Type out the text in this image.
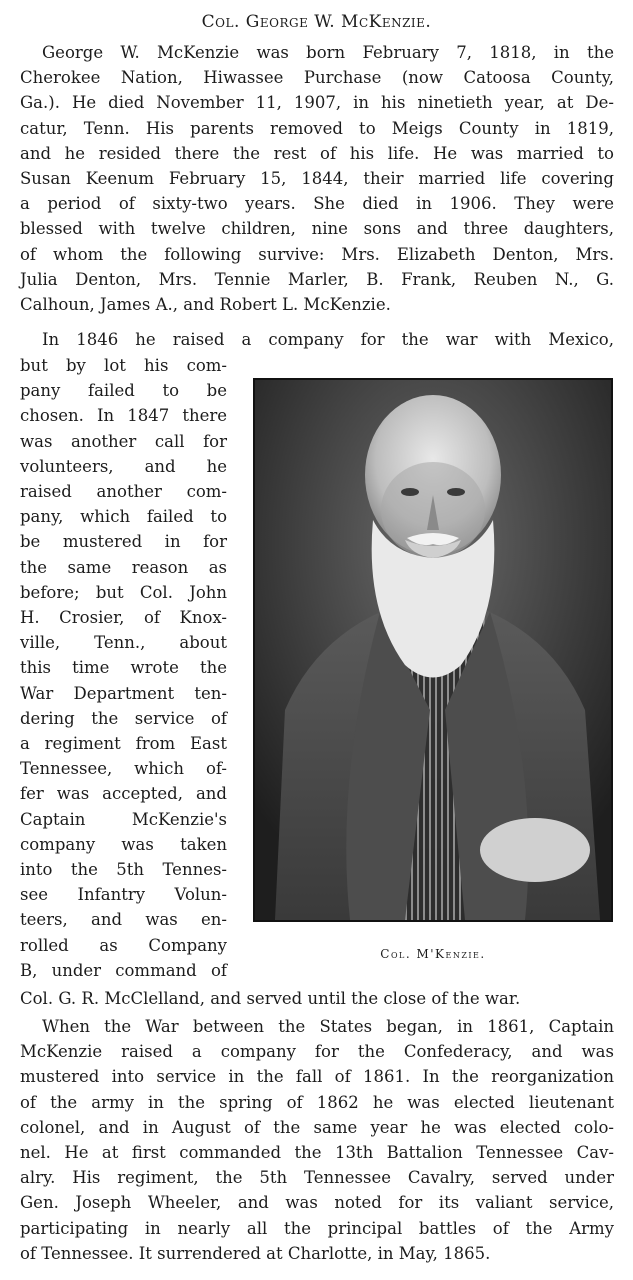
Col. George W. McKenzie.

George W. McKenzie was born February 7, 1818, in the
Cherokee Nation, Hiwassee Purchase (now Catoosa County,
Ga.). He died November 11, 1907, in his ninetieth year, at De-
catur, Tenn. His parents removed to Meigs County in 1819,
and he resided there the rest of his life. He was married to
Susan Keenum February 15, 1844, their married life covering
a period of sixty-two years. She died in 1906. They were
blessed with twelve children, nine sons and three daughters,
of whom the following survive: Mrs. Elizabeth Denton, Mrs.
Julia Denton, Mrs. Tennie Marler, B. Frank, Reuben N., G.
Calhoun, James A., and Robert L. McKenzie.

In 1846 he raised a company for the war with Mexico,

but by lot his com-
pany failed to be
chosen. In 1847 there
was another call for
volunteers, and he
raised another com-
pany, which failed to
be mustered in for
the same reason as
before; but Col. John
H. Crosier, of Knox-
ville, Tenn., about
this time wrote the
War Department ten-
dering the service of
a regiment from East
Tennessee, which of-
fer was accepted, and
Captain McKenzie's
company was taken
into the 5th Tennes-
see Infantry Volun-
teers, and was en-
rolled as Company
B, under command of

Col. G. R. McClelland, and served until the close of the war.

When the War between the States began, in 1861, Captain
McKenzie raised a company for the Confederacy, and was
mustered into service in the fall of 1861. In the reorganization
of the army in the spring of 1862 he was elected lieutenant
colonel, and in August of the same year he was elected colo-
nel. He at first commanded the 13th Battalion Tennessee Cav-
alry. His regiment, the 5th Tennessee Cavalry, served under
Gen. Joseph Wheeler, and was noted for its valiant service,
participating in nearly all the principal battles of the Army
of Tennessee. It surrendered at Charlotte, in May, 1865.

Col. M'Kenzie.
